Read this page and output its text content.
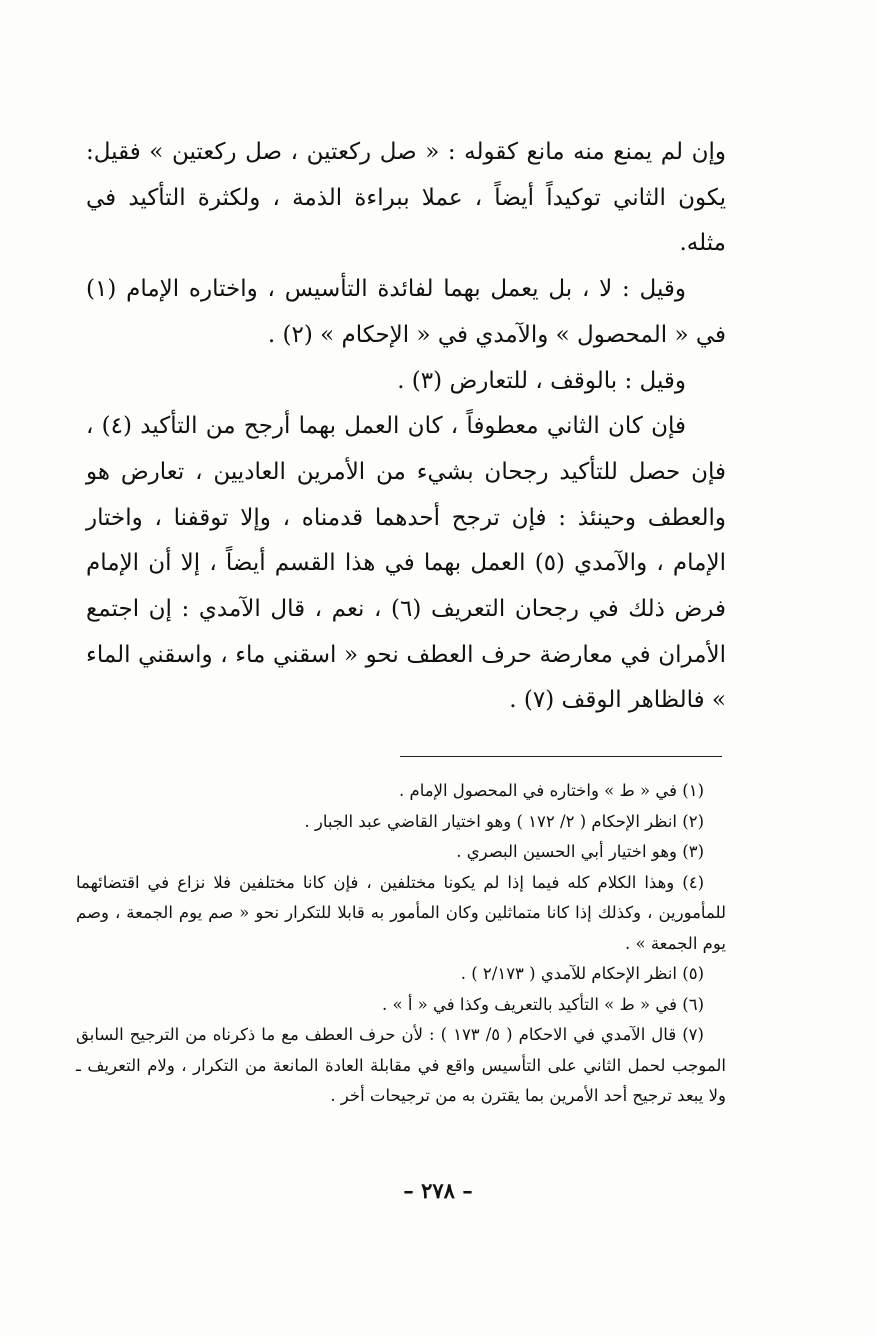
وإن لم يمنع منه مانع كقوله : « صل ركعتين ، صل ركعتين » فقيل: يكون الثاني توكيداً أيضاً ، عملا ببراءة الذمة ، ولكثرة التأكيد في مثله.

وقيل : لا ، بل يعمل بهما لفائدة التأسيس ، واختاره الإمام (١) في « المحصول » والآمدي في « الإحكام » (٢) .

وقيل : بالوقف ، للتعارض (٣) .

فإن كان الثاني معطوفاً ، كان العمل بهما أرجح من التأكيد (٤) ، فإن حصل للتأكيد رجحان بشيء من الأمرين العاديين ، تعارض هو والعطف وحينئذ : فإن ترجح أحدهما قدمناه ، وإلا توقفنا ، واختار الإمام ، والآمدي (٥) العمل بهما في هذا القسم أيضاً ، إلا أن الإمام فرض ذلك في رجحان التعريف (٦) ، نعم ، قال الآمدي : إن اجتمع الأمران في معارضة حرف العطف نحو « اسقني ماء ، واسقني الماء » فالظاهر الوقف (٧) .

(١) في « ط » واختاره في المحصول الإمام .

(٢) انظر الإحكام ( ٢/ ١٧٢ ) وهو اختيار القاضي عبد الجبار .

(٣) وهو اختيار أبي الحسين البصري .

(٤) وهذا الكلام كله فيما إذا لم يكونا مختلفين ، فإن كانا مختلفين فلا نزاع في اقتضائهما للمأمورين ، وكذلك إذا كانا متماثلين وكان المأمور به قابلا للتكرار نحو « صم يوم الجمعة ، وصم يوم الجمعة » .

(٥) انظر الإحكام للآمدي ( ٢/١٧٣ ) .

(٦) في « ط » التأكيد بالتعريف وكذا في « أ » .

(٧) قال الآمدي في الاحكام ( ٥/ ١٧٣ ) : لأن حرف العطف مع ما ذكرناه من الترجيح السابق الموجب لحمل الثاني على التأسيس واقع في مقابلة العادة المانعة من التكرار ، ولام التعريف ـ ولا يبعد ترجيح أحد الأمرين بما يقترن به من ترجيحات أخر .

– ٢٧٨ –
